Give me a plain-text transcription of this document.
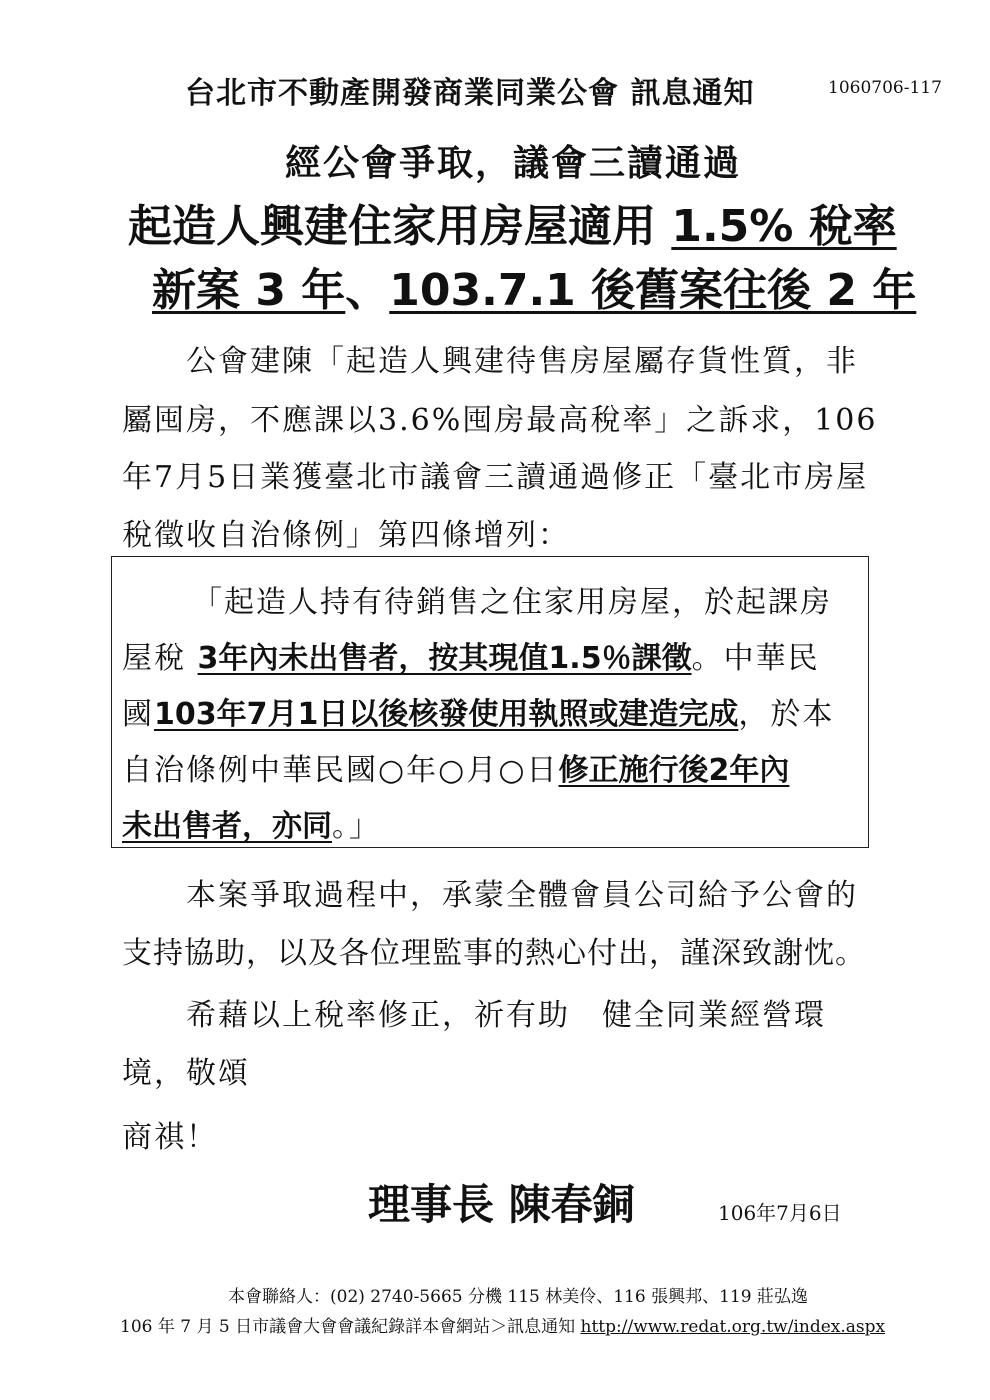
台北市不動產開發商業同業公會 訊息通知	1060706-117
經公會爭取，議會三讀通過
起造人興建住家用房屋適用 1.5% 稅率
新案 3 年、103.7.1 後舊案往後 2 年
公會建陳「起造人興建待售房屋屬存貨性質，非
屬囤房，不應課以3.6%囤房最高稅率」之訴求，106
年7月5日業獲臺北市議會三讀通過修正「臺北市房屋
稅徵收自治條例」第四條增列：
「起造人持有待銷售之住家用房屋，於起課房
屋稅 3年內未出售者，按其現值1.5％課徵。中華民
國103年7月1日以後核發使用執照或建造完成，於本
自治條例中華民國○年○月○日修正施行後2年內
未出售者，亦同。」
本案爭取過程中，承蒙全體會員公司給予公會的
支持協助，以及各位理監事的熱心付出，謹深致謝忱。
希藉以上稅率修正，祈有助　健全同業經營環
境，敬頌
商祺！
理事長 陳春銅	106年7月6日
本會聯絡人：(02) 2740-5665 分機 115 林美伶、116 張興邦、119 莊弘逸
106 年 7 月 5 日市議會大會會議紀錄詳本會網站＞訊息通知 http://www.redat.org.tw/index.aspx
